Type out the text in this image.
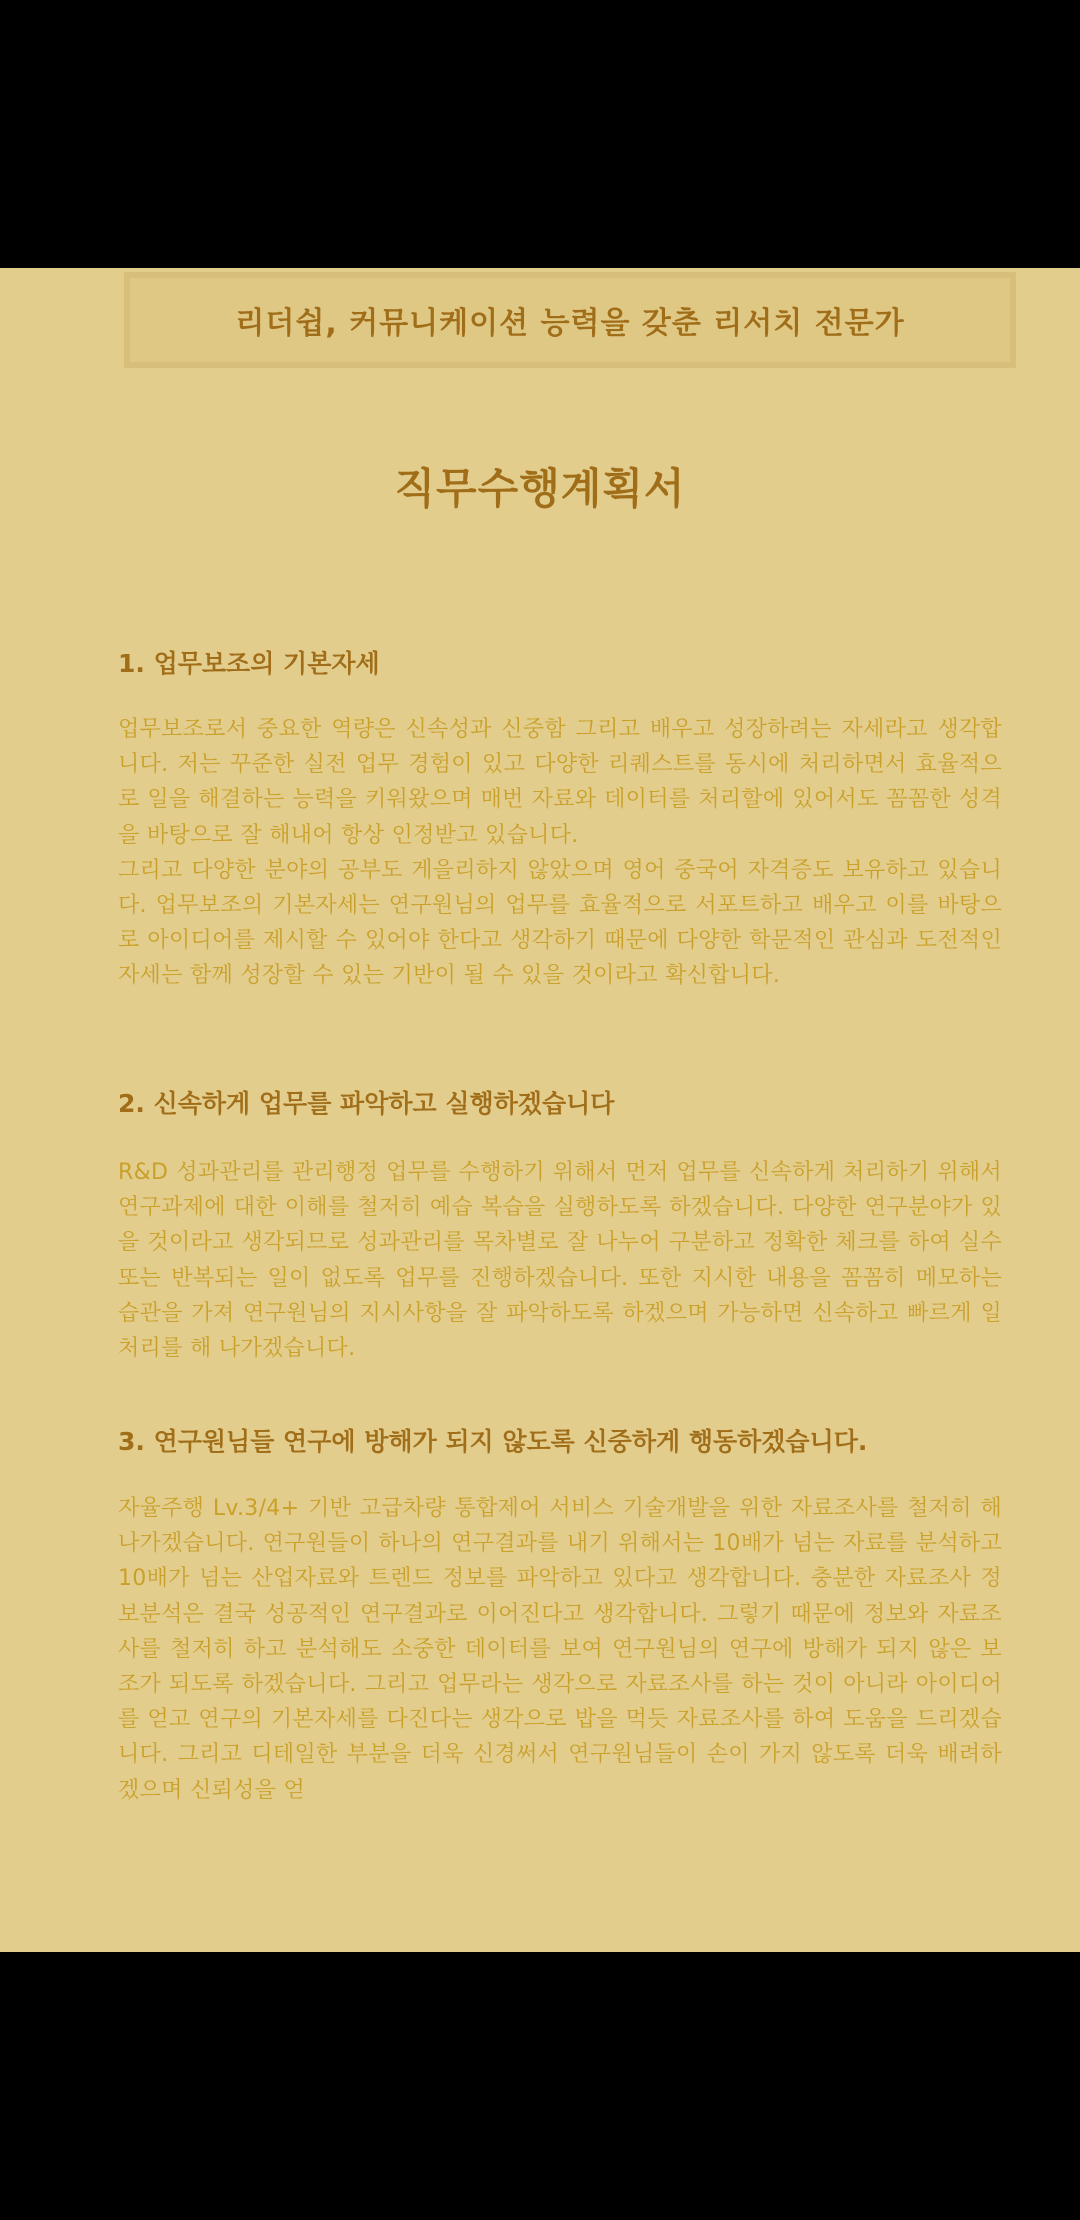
리더쉽, 커뮤니케이션 능력을 갖춘 리서치 전문가
직무수행계획서
1. 업무보조의 기본자세
업무보조로서 중요한 역량은 신속성과 신중함 그리고 배우고 성장하려는 자세라고 생각합니다. 저는 꾸준한 실전 업무 경험이 있고 다양한 리퀘스트를 동시에 처리하면서 효율적으로 일을 해결하는 능력을 키워왔으며 매번 자료와 데이터를 처리할에 있어서도 꼼꼼한 성격을 바탕으로 잘 해내어 항상 인정받고 있습니다.
그리고 다양한 분야의 공부도 게을리하지 않았으며 영어 중국어 자격증도 보유하고 있습니다. 업무보조의 기본자세는 연구원님의 업무를 효율적으로 서포트하고 배우고 이를 바탕으로 아이디어를 제시할 수 있어야 한다고 생각하기 때문에 다양한 학문적인 관심과 도전적인 자세는 함께 성장할 수 있는 기반이 될 수 있을 것이라고 확신합니다.
2. 신속하게 업무를 파악하고 실행하겠습니다
R&D 성과관리를 관리행정 업무를 수행하기 위해서 먼저 업무를 신속하게 처리하기 위해서 연구과제에 대한 이해를 철저히 예습 복습을 실행하도록 하겠습니다. 다양한 연구분야가 있을 것이라고 생각되므로 성과관리를 목차별로 잘 나누어 구분하고 정확한 체크를 하여 실수 또는 반복되는 일이 없도록 업무를 진행하겠습니다. 또한 지시한 내용을 꼼꼼히 메모하는 습관을 가져 연구원님의 지시사항을 잘 파악하도록 하겠으며 가능하면 신속하고 빠르게 일처리를 해 나가겠습니다.
3. 연구원님들 연구에 방해가 되지 않도록 신중하게 행동하겠습니다.
자율주행 Lv.3/4+ 기반 고급차량 통합제어 서비스 기술개발을 위한 자료조사를 철저히 해나가겠습니다. 연구원들이 하나의 연구결과를 내기 위해서는 10배가 넘는 자료를 분석하고 10배가 넘는 산업자료와 트렌드 정보를 파악하고 있다고 생각합니다. 충분한 자료조사 정보분석은 결국 성공적인 연구결과로 이어진다고 생각합니다. 그렇기 때문에 정보와 자료조사를 철저히 하고 분석해도 소중한 데이터를 보여 연구원님의 연구에 방해가 되지 않은 보조가 되도록 하겠습니다. 그리고 업무라는 생각으로 자료조사를 하는 것이 아니라 아이디어를 얻고 연구의 기본자세를 다진다는 생각으로 밥을 먹듯 자료조사를 하여 도움을 드리겠습니다. 그리고 디테일한 부분을 더욱 신경써서 연구원님들이 손이 가지 않도록 더욱 배려하겠으며 신뢰성을 얻
